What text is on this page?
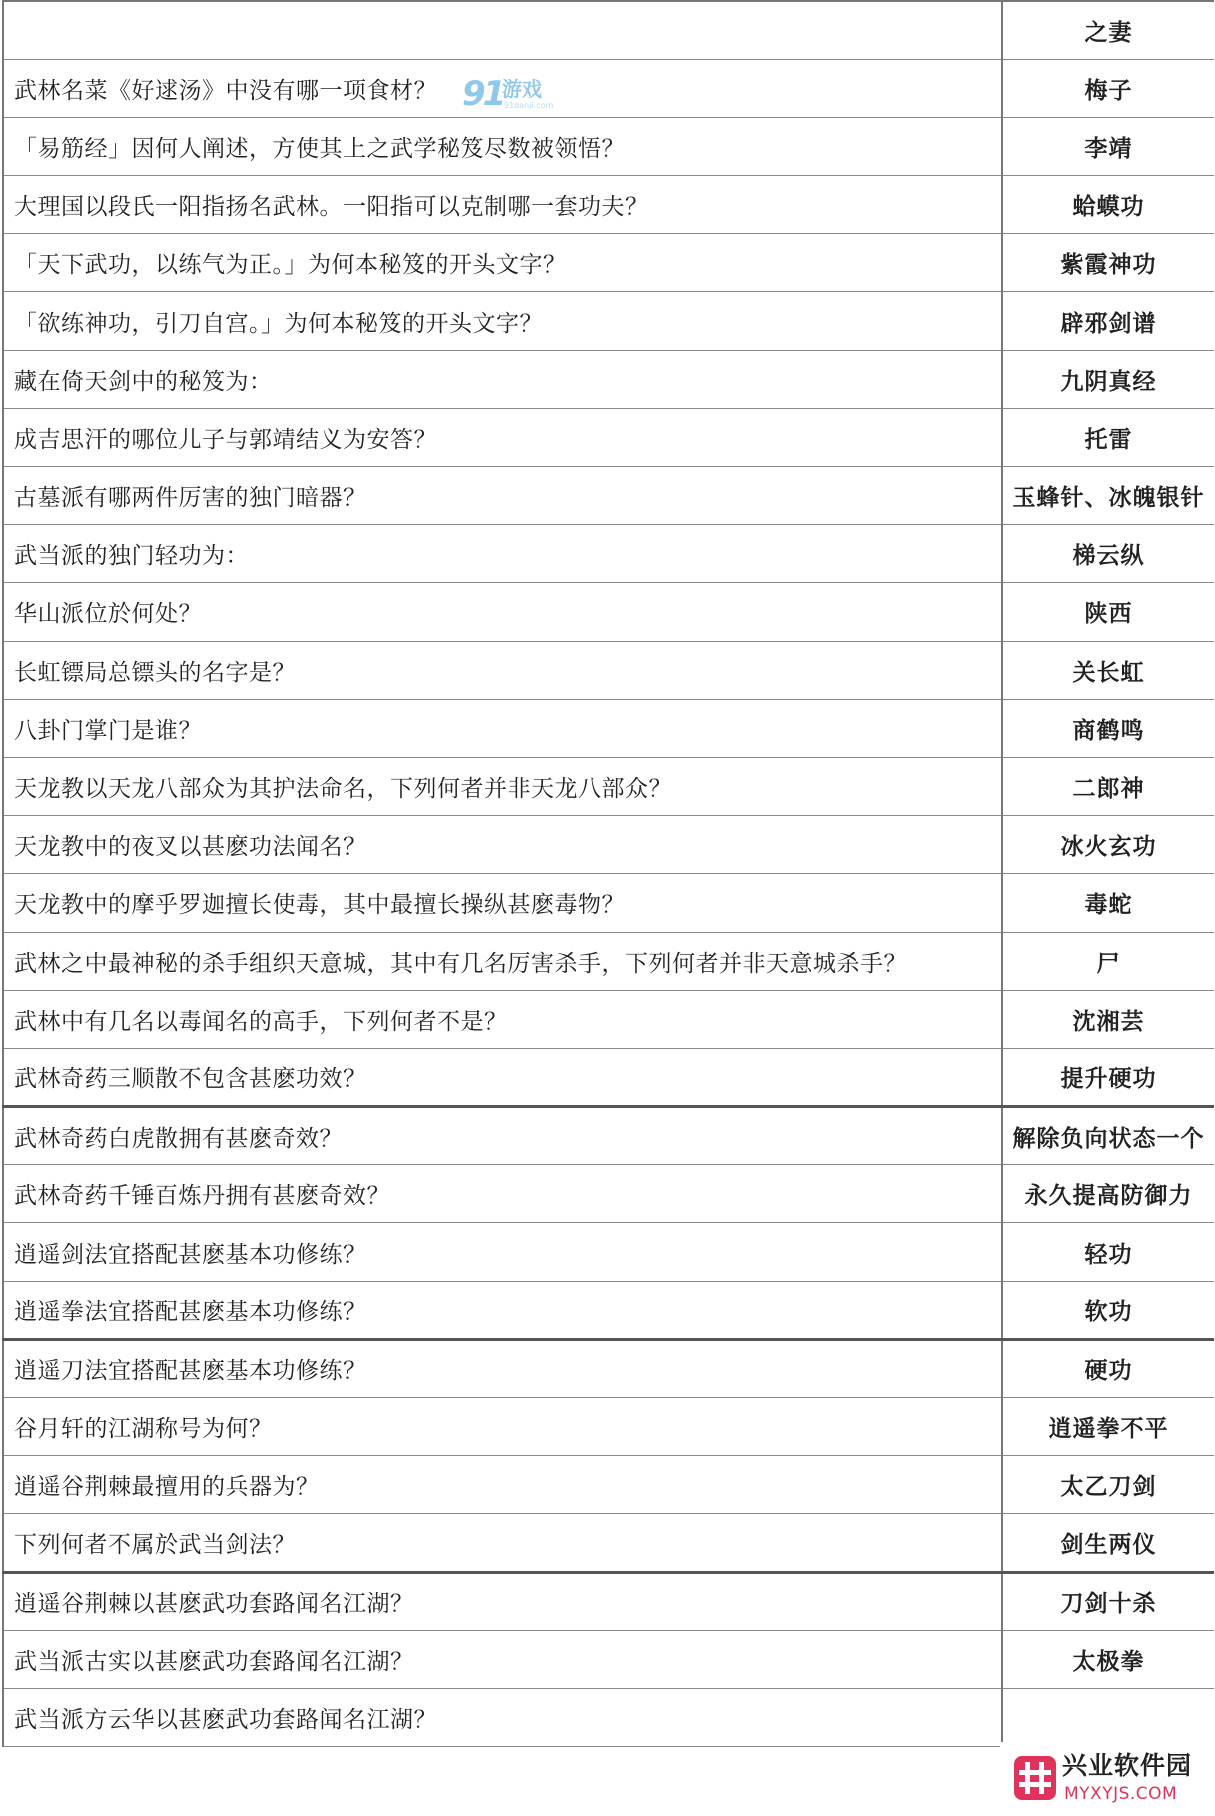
	之妻
武林名菜《好逑汤》中没有哪一项食材？	梅子
「易筋经」因何人阐述，方使其上之武学秘笈尽数被领悟？	李靖
大理国以段氏一阳指扬名武林。一阳指可以克制哪一套功夫？	蛤蟆功
「天下武功，以练气为正。」为何本秘笈的开头文字？	紫霞神功
「欲练神功，引刀自宫。」为何本秘笈的开头文字？	辟邪剑谱
藏在倚天剑中的秘笈为：	九阴真经
成吉思汗的哪位儿子与郭靖结义为安答？	托雷
古墓派有哪两件厉害的独门暗器？	玉蜂针、冰魄银针
武当派的独门轻功为：	梯云纵
华山派位於何处？	陕西
长虹镖局总镖头的名字是？	关长虹
八卦门掌门是谁？	商鹤鸣
天龙教以天龙八部众为其护法命名，下列何者并非天龙八部众？	二郎神
天龙教中的夜叉以甚麽功法闻名？	冰火玄功
天龙教中的摩乎罗迦擅长使毒，其中最擅长操纵甚麽毒物？	毒蛇
武林之中最神秘的杀手组织天意城，其中有几名厉害杀手，下列何者并非天意城杀手？	尸
武林中有几名以毒闻名的高手，下列何者不是？	沈湘芸
武林奇药三顺散不包含甚麽功效？	提升硬功
武林奇药白虎散拥有甚麽奇效？	解除负向状态一个
武林奇药千锤百炼丹拥有甚麽奇效？	永久提高防御力
逍遥剑法宜搭配甚麽基本功修练？	轻功
逍遥拳法宜搭配甚麽基本功修练？	软功
逍遥刀法宜搭配甚麽基本功修练？	硬功
谷月轩的江湖称号为何？	逍遥拳不平
逍遥谷荆棘最擅用的兵器为？	太乙刀剑
下列何者不属於武当剑法？	剑生两仪
逍遥谷荆棘以甚麽武功套路闻名江湖？	刀剑十杀
武当派古实以甚麽武功套路闻名江湖？	太极拳
武当派方云华以甚麽武功套路闻名江湖？	
91
游戏
91danji.com
兴业软件园
MYXYJS.COM
